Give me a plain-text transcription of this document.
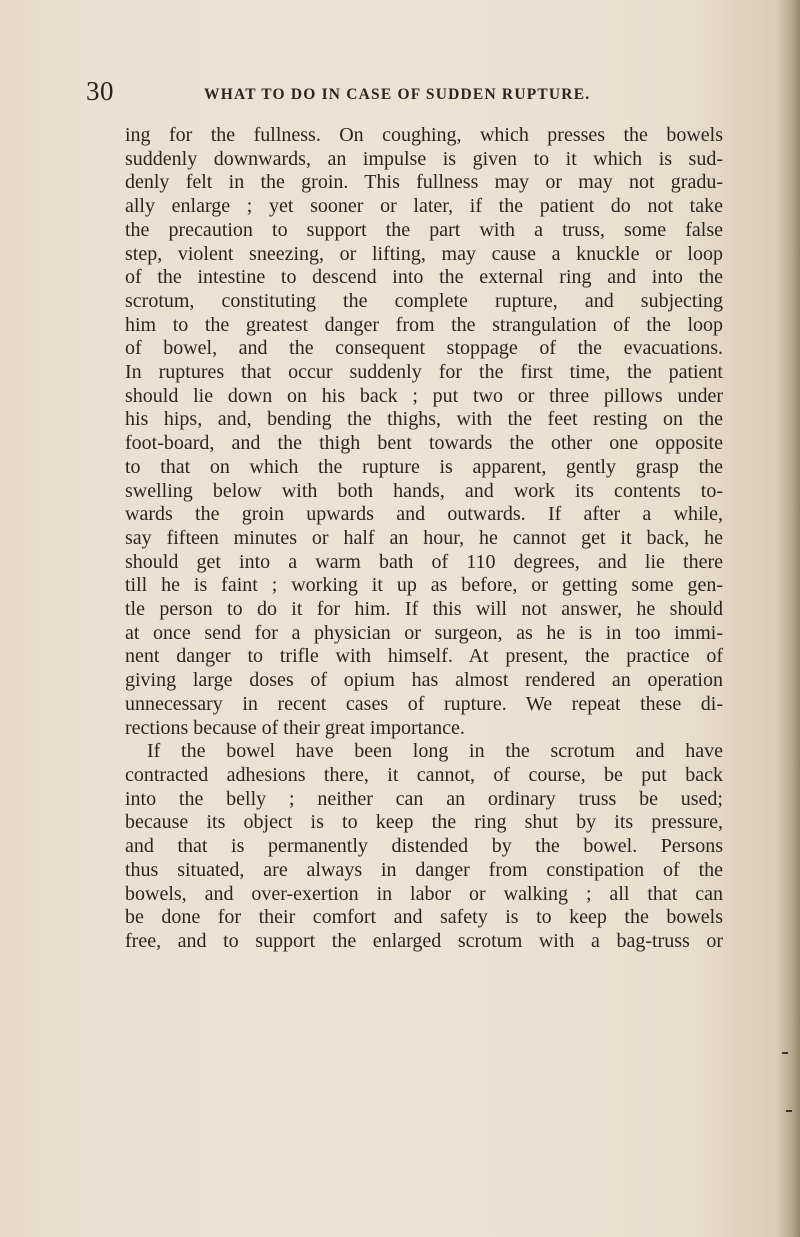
30	WHAT TO DO IN CASE OF SUDDEN RUPTURE.
ing for the fullness. On coughing, which presses the bowels
suddenly downwards, an impulse is given to it which is sud-
denly felt in the groin. This fullness may or may not gradu-
ally enlarge ; yet sooner or later, if the patient do not take
the precaution to support the part with a truss, some false
step, violent sneezing, or lifting, may cause a knuckle or loop
of the intestine to descend into the external ring and into the
scrotum, constituting the complete rupture, and subjecting
him to the greatest danger from the strangulation of the loop
of bowel, and the consequent stoppage of the evacuations.
In ruptures that occur suddenly for the first time, the patient
should lie down on his back ; put two or three pillows under
his hips, and, bending the thighs, with the feet resting on the
foot-board, and the thigh bent towards the other one opposite
to that on which the rupture is apparent, gently grasp the
swelling below with both hands, and work its contents to-
wards the groin upwards and outwards. If after a while,
say fifteen minutes or half an hour, he cannot get it back, he
should get into a warm bath of 110 degrees, and lie there
till he is faint ; working it up as before, or getting some gen-
tle person to do it for him. If this will not answer, he should
at once send for a physician or surgeon, as he is in too immi-
nent danger to trifle with himself. At present, the practice of
giving large doses of opium has almost rendered an operation
unnecessary in recent cases of rupture. We repeat these di-
rections because of their great importance.
If the bowel have been long in the scrotum and have
contracted adhesions there, it cannot, of course, be put back
into the belly ; neither can an ordinary truss be used;
because its object is to keep the ring shut by its pressure,
and that is permanently distended by the bowel. Persons
thus situated, are always in danger from constipation of the
bowels, and over-exertion in labor or walking ; all that can
be done for their comfort and safety is to keep the bowels
free, and to support the enlarged scrotum with a bag-truss or
